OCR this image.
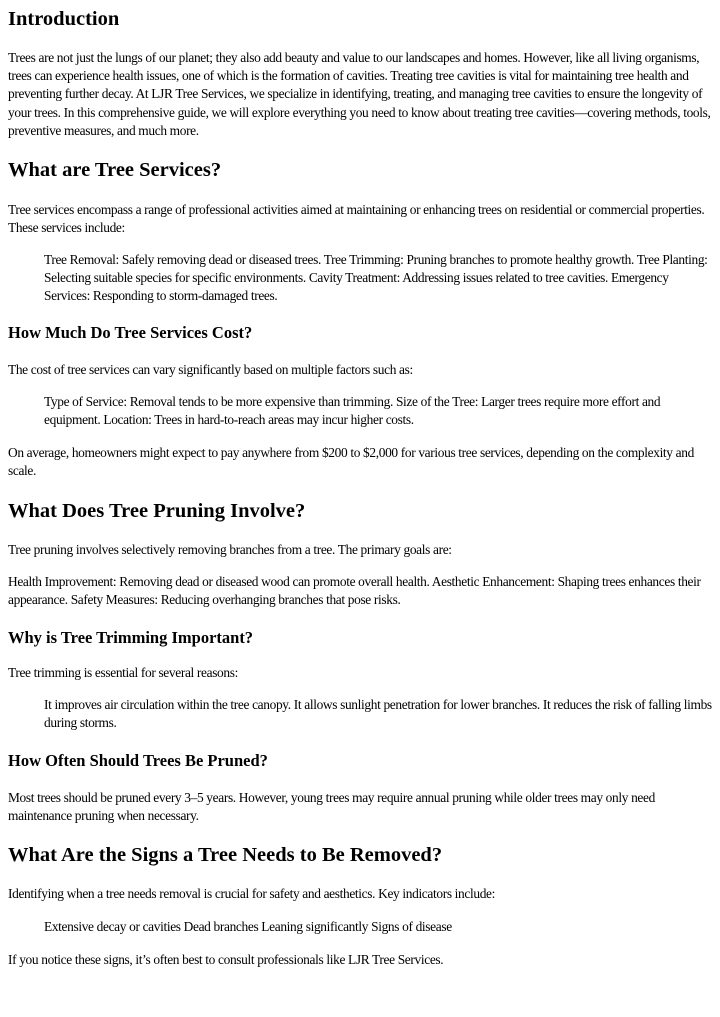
Introduction

Trees are not just the lungs of our planet; they also add beauty and value to our landscapes and homes. However, like all living organisms, trees can experience health issues, one of which is the formation of cavities. Treating tree cavities is vital for maintaining tree health and preventing further decay. At LJR Tree Services, we specialize in identifying, treating, and managing tree cavities to ensure the longevity of your trees. In this comprehensive guide, we will explore everything you need to know about treating tree cavities—covering methods, tools, preventive measures, and much more.

What are Tree Services?

Tree services encompass a range of professional activities aimed at maintaining or enhancing trees on residential or commercial properties. These services include:

Tree Removal: Safely removing dead or diseased trees. Tree Trimming: Pruning branches to promote healthy growth. Tree Planting: Selecting suitable species for specific environments. Cavity Treatment: Addressing issues related to tree cavities. Emergency Services: Responding to storm-damaged trees.

How Much Do Tree Services Cost?

The cost of tree services can vary significantly based on multiple factors such as:

Type of Service: Removal tends to be more expensive than trimming. Size of the Tree: Larger trees require more effort and equipment. Location: Trees in hard-to-reach areas may incur higher costs.

On average, homeowners might expect to pay anywhere from $200 to $2,000 for various tree services, depending on the complexity and scale.

What Does Tree Pruning Involve?

Tree pruning involves selectively removing branches from a tree. The primary goals are:

Health Improvement: Removing dead or diseased wood can promote overall health. Aesthetic Enhancement: Shaping trees enhances their appearance. Safety Measures: Reducing overhanging branches that pose risks.

Why is Tree Trimming Important?

Tree trimming is essential for several reasons:

It improves air circulation within the tree canopy. It allows sunlight penetration for lower branches. It reduces the risk of falling limbs during storms.

How Often Should Trees Be Pruned?

Most trees should be pruned every 3–5 years. However, young trees may require annual pruning while older trees may only need maintenance pruning when necessary.

What Are the Signs a Tree Needs to Be Removed?

Identifying when a tree needs removal is crucial for safety and aesthetics. Key indicators include:

Extensive decay or cavities Dead branches Leaning significantly Signs of disease

If you notice these signs, it’s often best to consult professionals like LJR Tree Services.
